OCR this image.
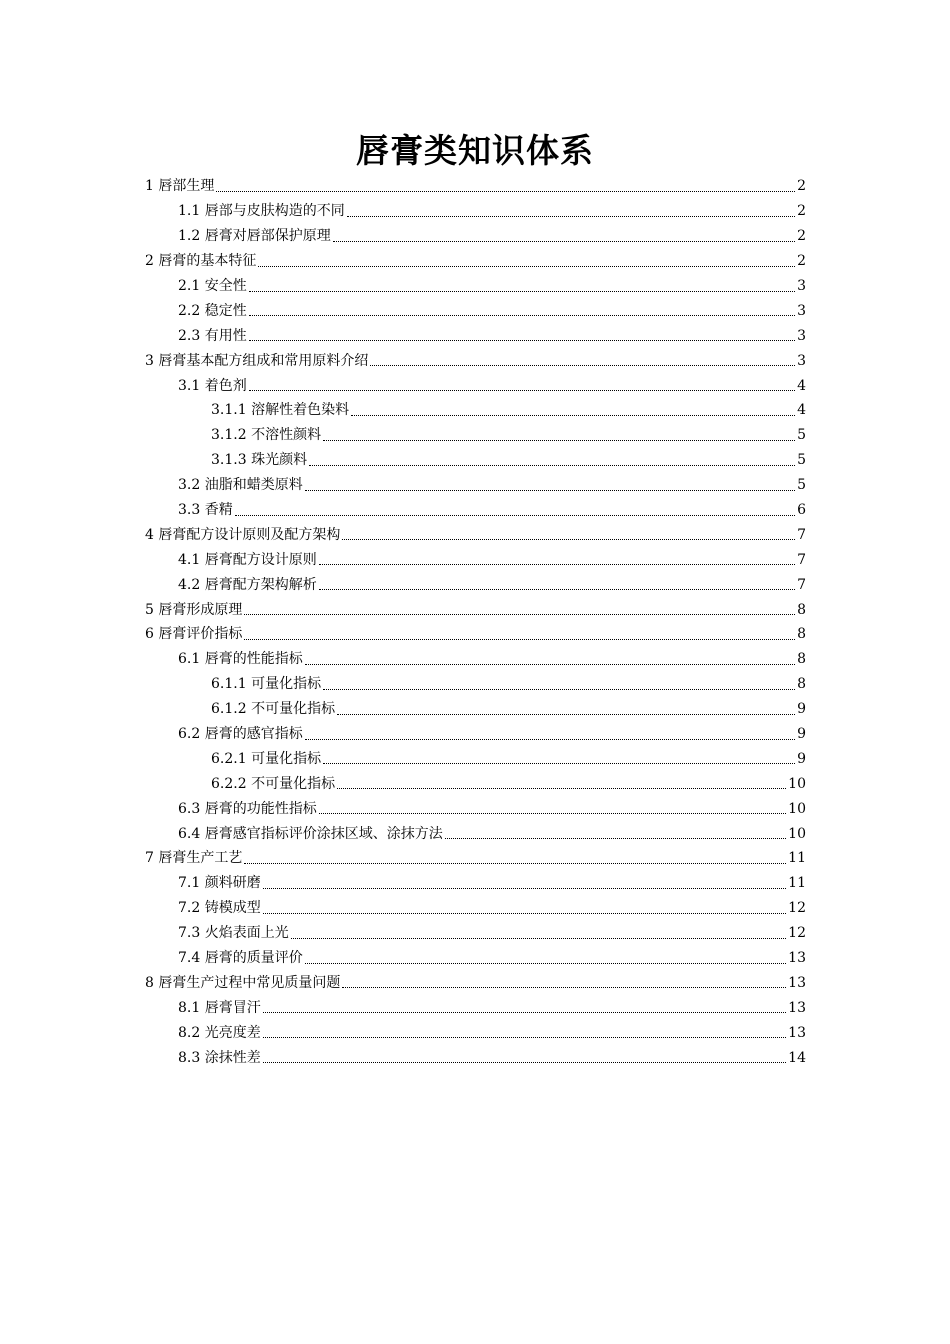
唇膏类知识体系
1 唇部生理	2
1.1 唇部与皮肤构造的不同	2
1.2 唇膏对唇部保护原理	2
2 唇膏的基本特征	2
2.1 安全性	3
2.2 稳定性	3
2.3 有用性	3
3 唇膏基本配方组成和常用原料介绍	3
3.1 着色剂	4
3.1.1 溶解性着色染料	4
3.1.2 不溶性颜料	5
3.1.3 珠光颜料	5
3.2 油脂和蜡类原料	5
3.3 香精	6
4 唇膏配方设计原则及配方架构	7
4.1 唇膏配方设计原则	7
4.2 唇膏配方架构解析	7
5 唇膏形成原理	8
6 唇膏评价指标	8
6.1 唇膏的性能指标	8
6.1.1 可量化指标	8
6.1.2 不可量化指标	9
6.2 唇膏的感官指标	9
6.2.1 可量化指标	9
6.2.2 不可量化指标	10
6.3 唇膏的功能性指标	10
6.4 唇膏感官指标评价涂抹区域、涂抹方法	10
7 唇膏生产工艺	11
7.1 颜料研磨	11
7.2 铸模成型	12
7.3 火焰表面上光	12
7.4 唇膏的质量评价	13
8 唇膏生产过程中常见质量问题	13
8.1 唇膏冒汗	13
8.2 光亮度差	13
8.3 涂抹性差	14
